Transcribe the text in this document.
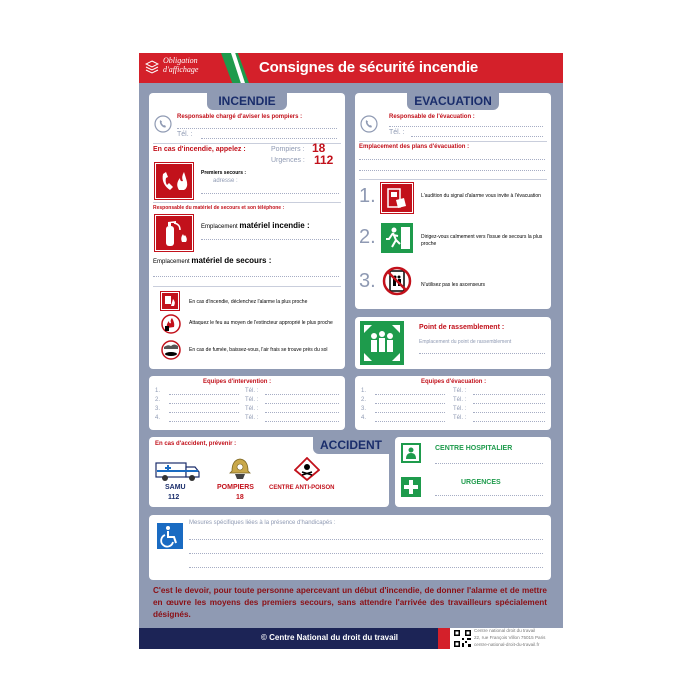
Obligation
d'affichage	Consignes de sécurité incendie
INCENDIE
Responsable chargé d'aviser les pompiers :
Tél. :
En cas d'incendie, appelez :	Pompiers : 18
Urgences : 112
Premiers secours :
adresse :
Responsable du matériel de secours et son téléphone :
Emplacement matériel incendie :
Emplacement matériel de secours :
En cas d'incendie, déclenchez l'alarme la plus proche
Attaquez le feu au moyen de l'extincteur approprié le plus proche
En cas de fumée, baissez-vous, l'air frais se trouve près du sol
EVACUATION
Responsable de l'évacuation :
Tél. :
Emplacement des plans d'évacuation :
1.	L'audition du signal d'alarme vous invite à l'évacuation
2.	Dirigez-vous calmement vers l'issue de secours la plus proche
3.	N'utilisez pas les ascenseurs
Point de rassemblement :
Emplacement du point de rassemblement
Equipes d'intervention :
1.	Tél. :
2.	Tél. :
3.	Tél. :
4.	Tél. :
Equipes d'évacuation :
1.	Tél. :
2.	Tél. :
3.	Tél. :
4.	Tél. :
En cas d'accident, prévenir :	ACCIDENT
SAMU
112
POMPIERS
18
CENTRE ANTI-POISON
CENTRE HOSPITALIER
URGENCES
Mesures spécifiques liées à la présence d'handicapés :
C'est le devoir, pour toute personne apercevant un début d'incendie, de donner l'alarme et de mettre en œuvre les moyens des premiers secours, sans attendre l'arrivée des travailleurs spécialement désignés.
© Centre National du droit du travail
Centre national droit du travail
22, rue François Villon 75015 Paris
centre-national-droit-du-travail.fr
